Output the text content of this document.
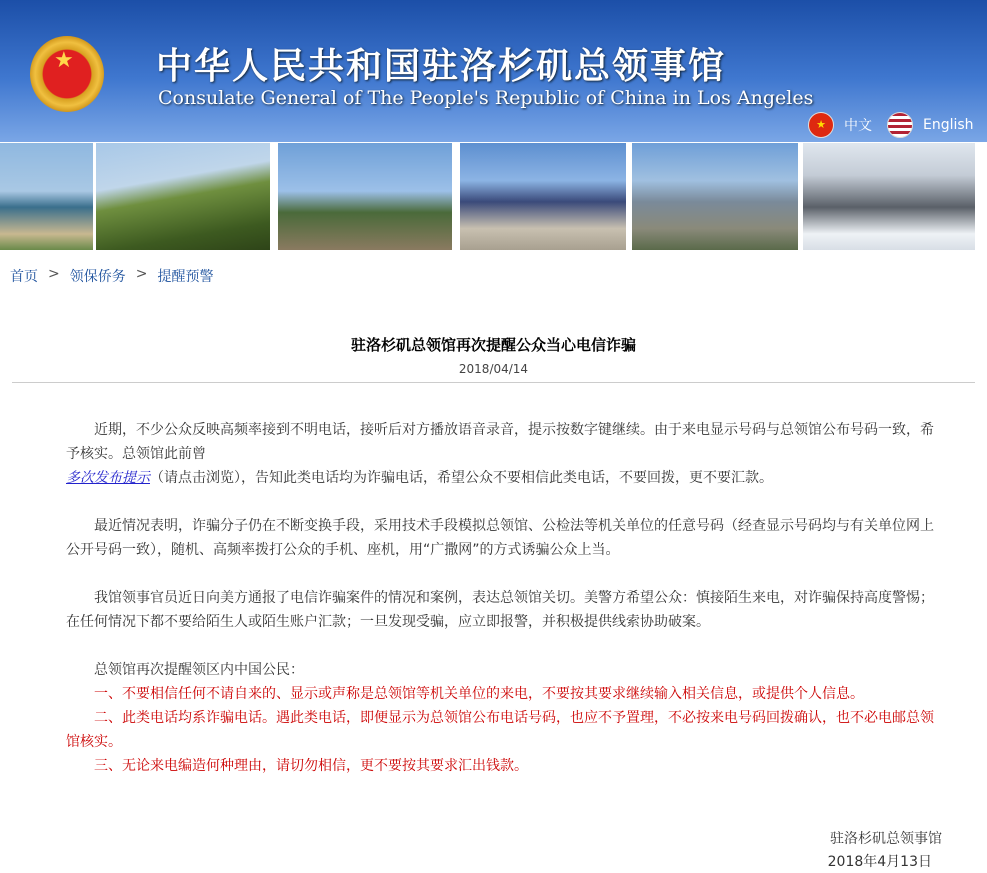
★ 中华人民共和国驻洛杉矶总领事馆
Consulate General of The People's Republic of China in Los Angeles
★	中文	English
首页 > 领保侨务 > 提醒预警
驻洛杉矶总领馆再次提醒公众当心电信诈骗
2018/04/14

近期，不少公众反映高频率接到不明电话，接听后对方播放语音录音，提示按数字键继续。由于来电显示号码与总领馆公布号码一致，希予核实。总领馆此前曾
多次发布提示（请点击浏览），告知此类电话均为诈骗电话，希望公众不要相信此类电话，不要回拨，更不要汇款。

最近情况表明，诈骗分子仍在不断变换手段，采用技术手段模拟总领馆、公检法等机关单位的任意号码（经查显示号码均与有关单位网上公开号码一致），随机、高频率拨打公众的手机、座机，用“广撒网”的方式诱骗公众上当。

我馆领事官员近日向美方通报了电信诈骗案件的情况和案例，表达总领馆关切。美警方希望公众：慎接陌生来电，对诈骗保持高度警惕；在任何情况下都不要给陌生人或陌生账户汇款；一旦发现受骗，应立即报警，并积极提供线索协助破案。

总领馆再次提醒领区内中国公民：
一、不要相信任何不请自来的、显示或声称是总领馆等机关单位的来电，不要按其要求继续输入相关信息，或提供个人信息。
二、此类电话均系诈骗电话。遇此类电话，即便显示为总领馆公布电话号码，也应不予置理，不必按来电号码回拨确认，也不必电邮总领馆核实。
三、无论来电编造何种理由，请切勿相信，更不要按其要求汇出钱款。
驻洛杉矶总领事馆
2018年4月13日
